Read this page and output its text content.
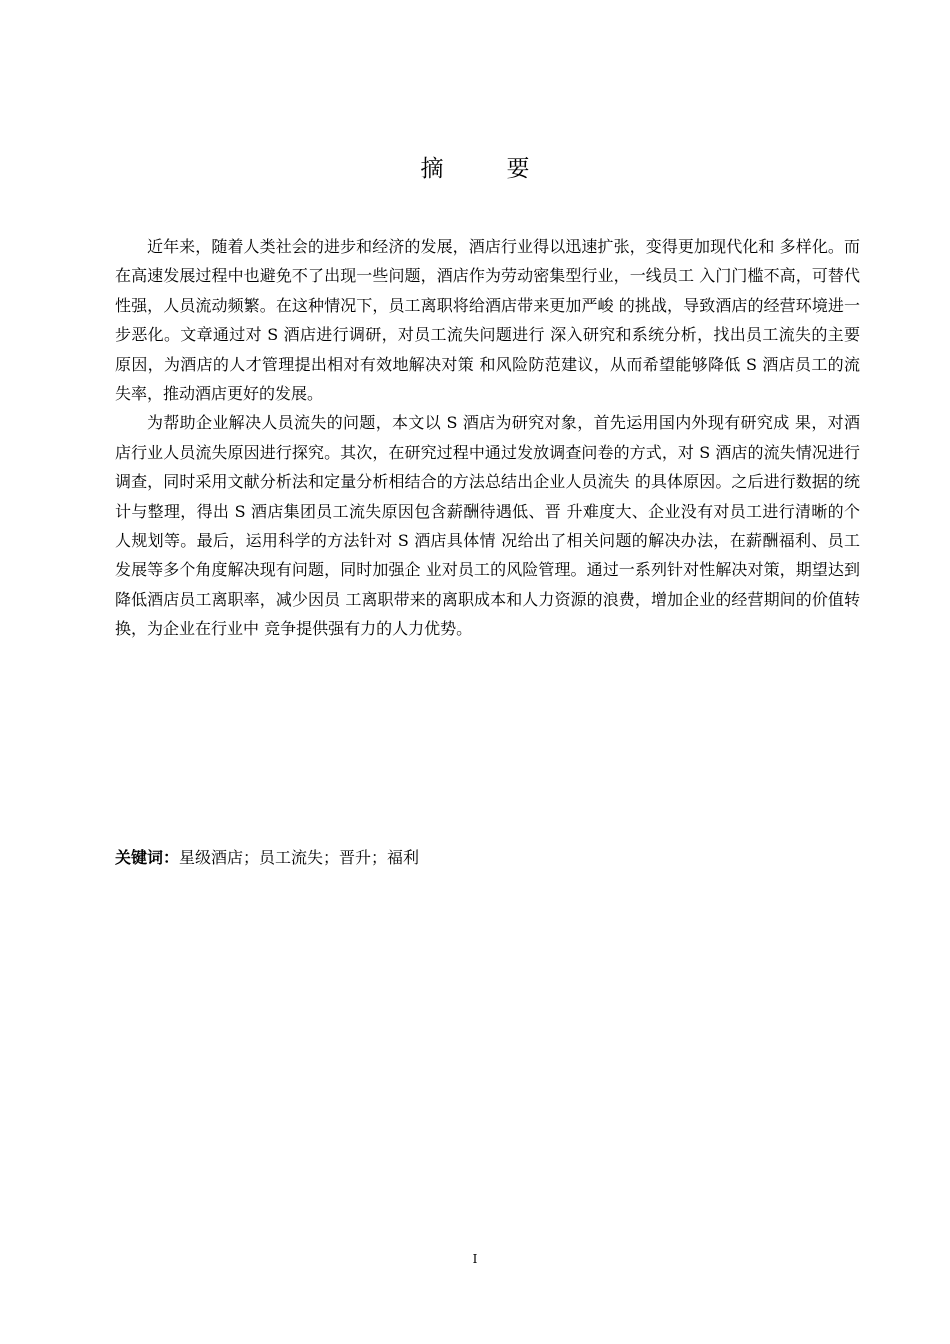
摘　要

近年来，随着人类社会的进步和经济的发展，酒店行业得以迅速扩张，变得更加现代化和 多样化。而在高速发展过程中也避免不了出现一些问题，酒店作为劳动密集型行业，一线员工 入门门槛不高，可替代性强，人员流动频繁。在这种情况下，员工离职将给酒店带来更加严峻 的挑战，导致酒店的经营环境进一步恶化。文章通过对 S 酒店进行调研，对员工流失问题进行 深入研究和系统分析，找出员工流失的主要原因，为酒店的人才管理提出相对有效地解决对策 和风险防范建议，从而希望能够降低 S 酒店员工的流失率，推动酒店更好的发展。

为帮助企业解决人员流失的问题，本文以 S 酒店为研究对象，首先运用国内外现有研究成 果，对酒店行业人员流失原因进行探究。其次，在研究过程中通过发放调查问卷的方式，对 S 酒店的流失情况进行调查，同时采用文献分析法和定量分析相结合的方法总结出企业人员流失 的具体原因。之后进行数据的统计与整理，得出 S 酒店集团员工流失原因包含薪酬待遇低、晋 升难度大、企业没有对员工进行清晰的个人规划等。最后，运用科学的方法针对 S 酒店具体情 况给出了相关问题的解决办法，在薪酬福利、员工发展等多个角度解决现有问题，同时加强企 业对员工的风险管理。通过一系列针对性解决对策，期望达到降低酒店员工离职率，减少因员 工离职带来的离职成本和人力资源的浪费，增加企业的经营期间的价值转换，为企业在行业中 竞争提供强有力的人力优势。

关键词：星级酒店；员工流失；晋升；福利
I
